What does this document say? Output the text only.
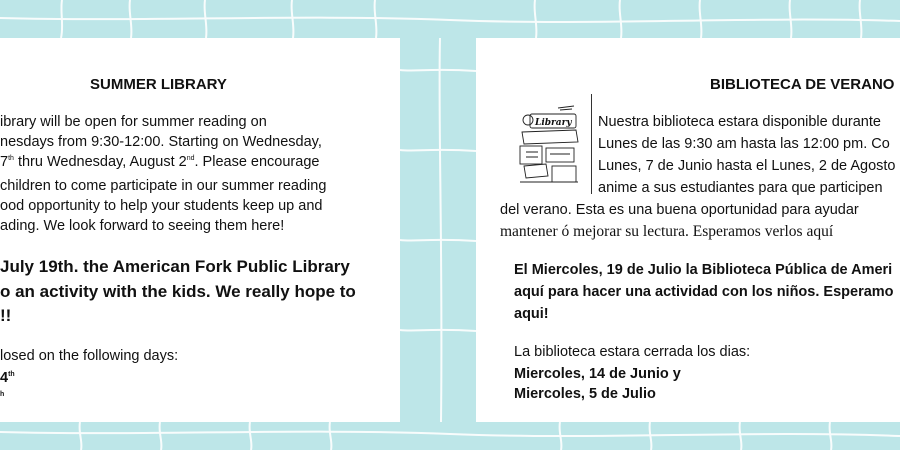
SUMMER LIBRARY
ibrary will be open for summer reading on
nesdays from 9:30-12:00. Starting on Wednesday,
7th thru Wednesday, August 2nd. Please encourage
children to come participate in our summer reading
ood opportunity to help your students keep up and
ading. We look forward to seeing them here!
July 19th. the American Fork Public Library
o an activity with the kids. We really hope to
!!
losed on the following days:
4th
$^h$
BIBLIOTECA DE VERANO
Library Nuestra biblioteca estara disponible durante
Lunes de las 9:30 am hasta las 12:00 pm. Co
Lunes, 7 de Junio hasta el Lunes, 2 de Agosto
anime a sus estudiantes para que participen
del verano. Esta es una buena oportunidad para ayudar
mantener ó mejorar su lectura. Esperamos verlos aquí
El Miercoles, 19 de Julio la Biblioteca Pública de Ameri
aquí para hacer una actividad con los niños. Esperamo
aqui!
La biblioteca estara cerrada los dias:
Miercoles, 14 de Junio y
Miercoles, 5 de Julio
